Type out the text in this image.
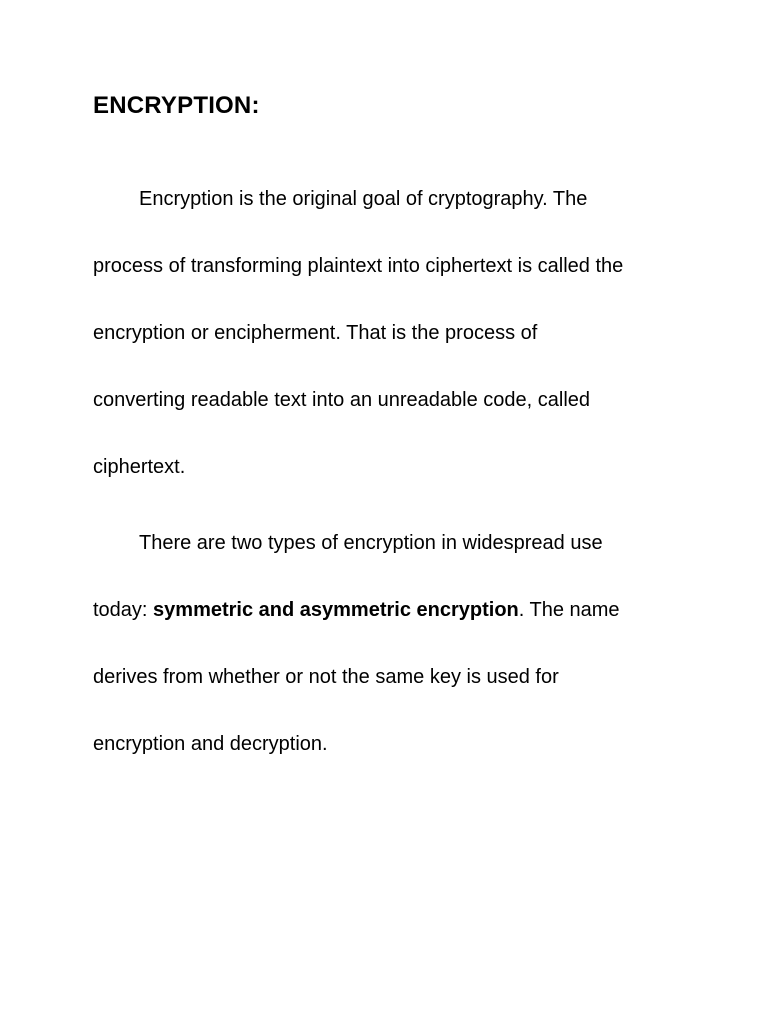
ENCRYPTION:
Encryption is the original goal of cryptography. The
process of transforming plaintext into ciphertext is called the
encryption or encipherment. That is the process of
converting readable text into an unreadable code, called
ciphertext.
There are two types of encryption in widespread use
today: symmetric and asymmetric encryption. The name
derives from whether or not the same key is used for
encryption and decryption.
